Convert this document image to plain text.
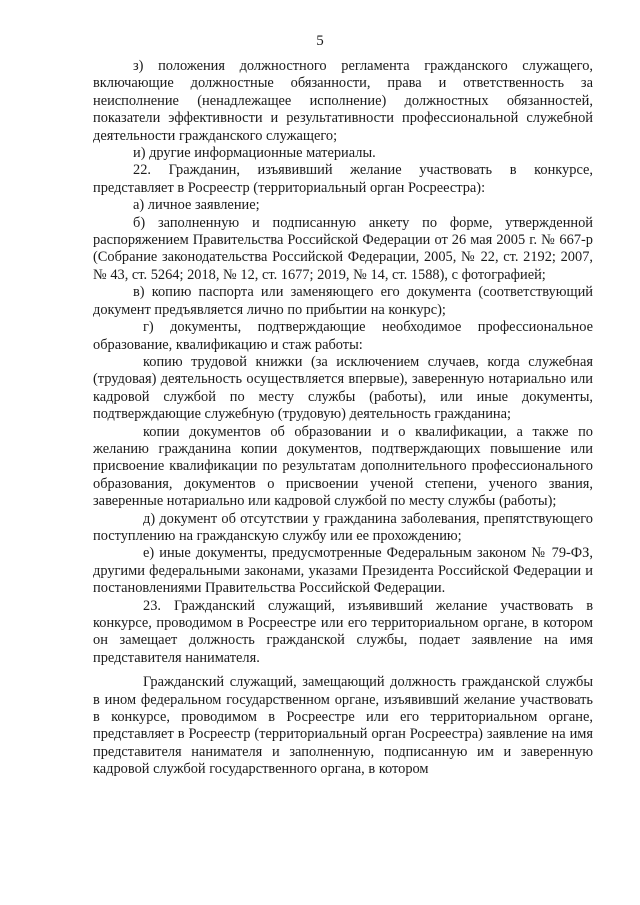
5

з) положения должностного регламента гражданского служащего, включающие должностные обязанности, права и ответственность за неисполнение (ненадлежащее исполнение) должностных обязанностей, показатели эффективности и результативности профессиональной служебной деятельности гражданского служащего;

и) другие информационные материалы.

22. Гражданин, изъявивший желание участвовать в конкурсе, представляет в Росреестр (территориальный орган Росреестра):

а) личное заявление;

б) заполненную и подписанную анкету по форме, утвержденной распоряжением Правительства Российской Федерации от 26 мая 2005 г. № 667-р (Собрание законодательства Российской Федерации, 2005, № 22, ст. 2192; 2007, № 43, ст. 5264; 2018, № 12, ст. 1677; 2019, № 14, ст. 1588), с фотографией;

в) копию паспорта или заменяющего его документа (соответствующий документ предъявляется лично по прибытии на конкурс);

г) документы, подтверждающие необходимое профессиональное образование, квалификацию и стаж работы:

копию трудовой книжки (за исключением случаев, когда служебная (трудовая) деятельность осуществляется впервые), заверенную нотариально или кадровой службой по месту службы (работы), или иные документы, подтверждающие служебную (трудовую) деятельность гражданина;

копии документов об образовании и о квалификации, а также по желанию гражданина копии документов, подтверждающих повышение или присвоение квалификации по результатам дополнительного профессионального образования, документов о присвоении ученой степени, ученого звания, заверенные нотариально или кадровой службой по месту службы (работы);

д) документ об отсутствии у гражданина заболевания, препятствующего поступлению на гражданскую службу или ее прохождению;

е) иные документы, предусмотренные Федеральным законом № 79-ФЗ, другими федеральными законами, указами Президента Российской Федерации и постановлениями Правительства Российской Федерации.

23. Гражданский служащий, изъявивший желание участвовать в конкурсе, проводимом в Росреестре или его территориальном органе, в котором он замещает должность гражданской службы, подает заявление на имя представителя нанимателя.

Гражданский служащий, замещающий должность гражданской службы в ином федеральном государственном органе, изъявивший желание участвовать в конкурсе, проводимом в Росреестре или его территориальном органе, представляет в Росреестр (территориальный орган Росреестра) заявление на имя представителя нанимателя и заполненную, подписанную им и заверенную кадровой службой государственного органа, в котором
